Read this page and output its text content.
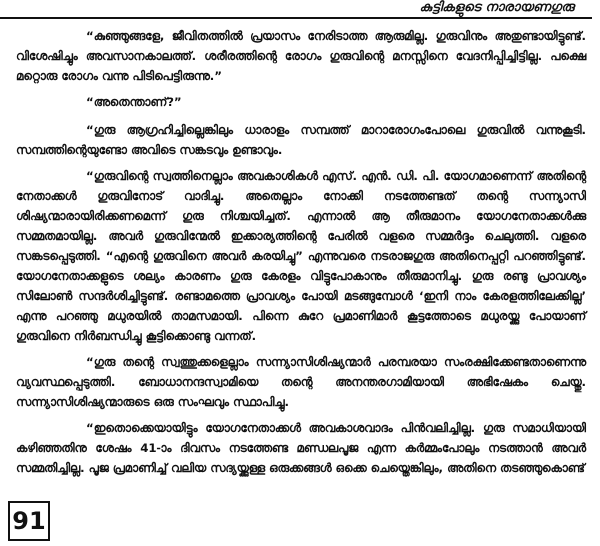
കുട്ടികളുടെ നാരായണഗുരു

“കുഞ്ഞുങ്ങളേ, ജീവിതത്തിൽ പ്രയാസം നേരിടാത്ത ആരുമില്ല. ഗുരുവിനും അതുണ്ടായിട്ടുണ്ട്. വിശേഷിച്ചും അവസാനകാലത്ത്. ശരീരത്തിന്റെ രോഗം ഗുരുവിന്റെ മനസ്സിനെ വേദനിപ്പിച്ചിട്ടില്ല. പക്ഷെ മറ്റൊരു രോഗം വന്നു പിടിപെട്ടിരുന്നു.”

“അതെന്താണ്?”

“ഗുരു ആഗ്രഹിച്ചില്ലെങ്കിലും ധാരാളം സമ്പത്ത് മാറാരോഗംപോലെ ഗുരുവിൽ വന്നുകൂടി. സമ്പത്തിന്റെയുണ്ടോ അവിടെ സങ്കടവും ഉണ്ടാവും.

“ഗുരുവിന്റെ സ്വത്തിനെല്ലാം അവകാശികൾ എസ്. എൻ. ഡി. പി. യോഗമാണെന്ന് അതിന്റെ നേതാക്കൾ ഗുരുവിനോട് വാദിച്ചു. അതെല്ലാം നോക്കി നടത്തേണ്ടത് തന്റെ സന്ന്യാസി ശിഷ്യന്മാരായിരിക്കണമെന്ന് ഗുരു നിശ്ചയിച്ചത്. എന്നാൽ ആ തീരുമാനം യോഗനേതാക്കൾക്കു സമ്മതമായില്ല. അവർ ഗുരുവിന്മേൽ ഇക്കാര്യത്തിന്റെ പേരിൽ വളരെ സമ്മർദ്ദം ചെലുത്തി. വളരെ സങ്കടപ്പെടുത്തി. “എന്റെ ഗുരുവിനെ അവർ കരയിച്ചു” എന്നുവരെ നടരാജഗുരു അതിനെപ്പറ്റി പറഞ്ഞിട്ടുണ്ട്. യോഗനേതാക്കളുടെ ശല്യം കാരണം ഗുരു കേരളം വിട്ടുപോകാനും തീരുമാനിച്ചു. ഗുരു രണ്ടു പ്രാവശ്യം സിലോൺ സന്ദർശിച്ചിട്ടുണ്ട്. രണ്ടാമത്തെ പ്രാവശ്യം പോയി മടങ്ങുമ്പോൾ ‘ഇനി നാം കേരളത്തിലേക്കില്ല’ എന്നു പറഞ്ഞു മധുരയിൽ താമസമായി. പിന്നെ കുറേ പ്രമാണിമാർ കൂട്ടത്തോടെ മധുരയ്ക്കു പോയാണ് ഗുരുവിനെ നിർബന്ധിച്ചു കൂട്ടിക്കൊണ്ടു വന്നത്.

“ഗുരു തന്റെ സ്വത്തുക്കളെല്ലാം സന്ന്യാസിശിഷ്യന്മാർ പരമ്പരയാ സംരക്ഷിക്കേണ്ടതാണെന്നു വ്യവസ്ഥപ്പെടുത്തി. ബോധാനന്ദസ്വാമിയെ തന്റെ അനന്തരഗാമിയായി അഭിഷേകം ചെയ്തു. സന്ന്യാസിശിഷ്യന്മാരുടെ ഒരു സംഘവും സ്ഥാപിച്ചു.

“ഇതൊക്കെയായിട്ടും യോഗനേതാക്കൾ അവകാശവാദം പിൻവലിച്ചില്ല. ഗുരു സമാധിയായി കഴിഞ്ഞതിനു ശേഷം 41-ാം ദിവസം നടത്തേണ്ട മണ്ഡലപൂജ എന്ന കർമ്മംപോലും നടത്താൻ അവർ സമ്മതിച്ചില്ല. പൂജ പ്രമാണിച്ച് വലിയ സദ്യയ്ക്കുള്ള ഒരുക്കങ്ങൾ ഒക്കെ ചെയ്തെങ്കിലും, അതിനെ തടഞ്ഞുകൊണ്ട്

91
